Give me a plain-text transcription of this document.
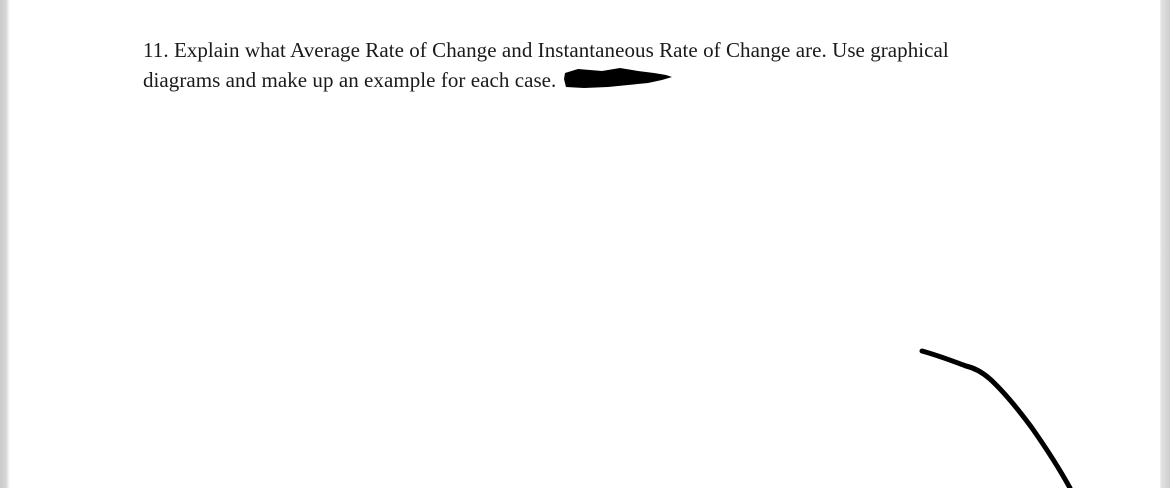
11. Explain what Average Rate of Change and Instantaneous Rate of Change are. Use graphical
diagrams and make up an example for each case.
